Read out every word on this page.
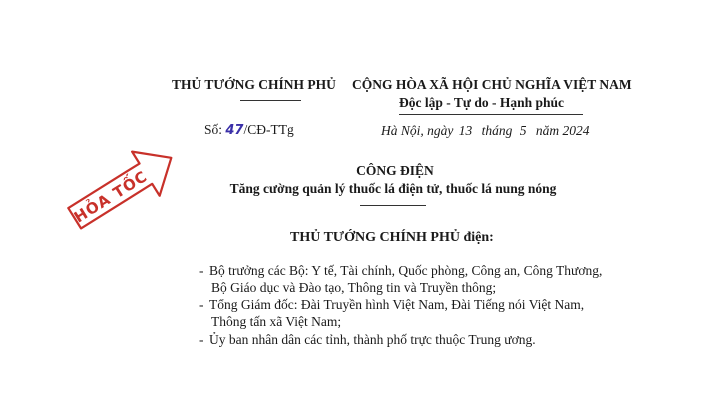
THỦ TƯỚNG CHÍNH PHỦ
Số: 47/CĐ-TTg
CỘNG HÒA XÃ HỘI CHỦ NGHĨA VIỆT NAM
Độc lập - Tự do - Hạnh phúc
Hà Nội, ngày 13 tháng 5 năm 2024
HỎA TỐC	CÔNG ĐIỆN
Tăng cường quản lý thuốc lá điện tử, thuốc lá nung nóng
THỦ TƯỚNG CHÍNH PHỦ điện:
- Bộ trưởng các Bộ: Y tế, Tài chính, Quốc phòng, Công an, Công Thương,
Bộ Giáo dục và Đào tạo, Thông tin và Truyền thông;
- Tổng Giám đốc: Đài Truyền hình Việt Nam, Đài Tiếng nói Việt Nam,
Thông tấn xã Việt Nam;
- Ủy ban nhân dân các tỉnh, thành phố trực thuộc Trung ương.
